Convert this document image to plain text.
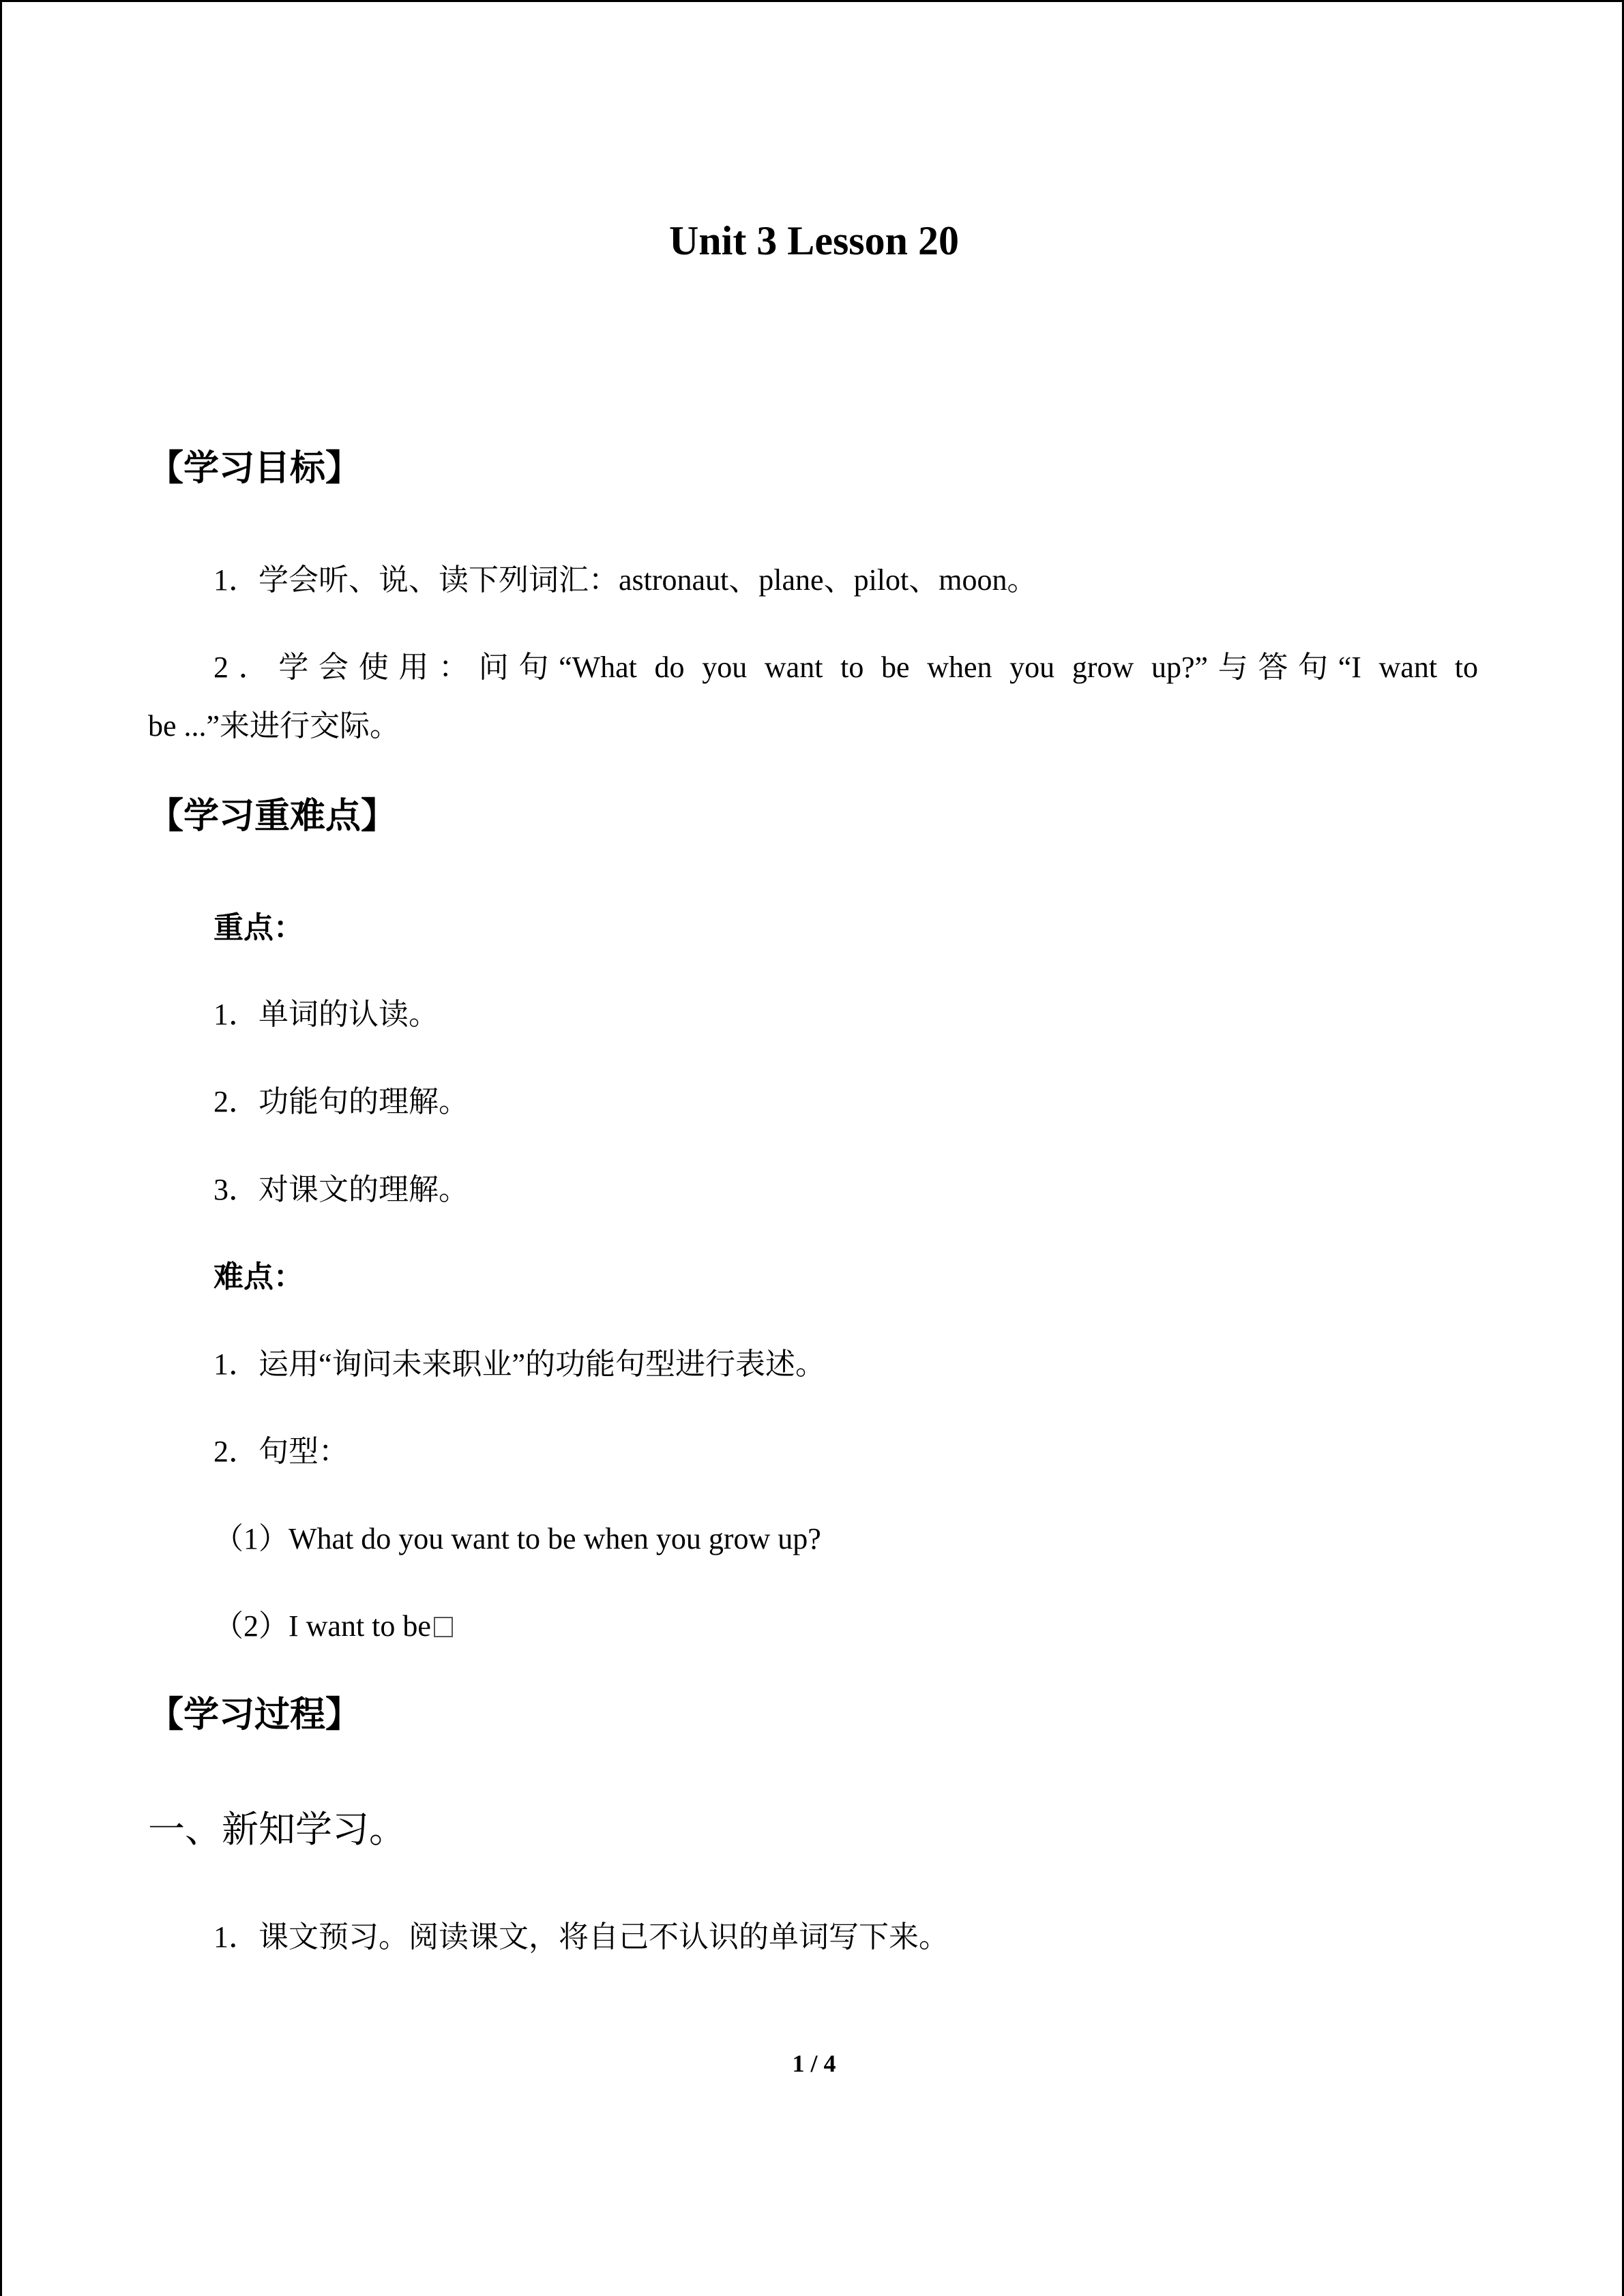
Unit 3 Lesson 20
【学习目标】
1．学会听、说、读下列词汇：astronaut、plane、pilot、moon。
2．学会使用：问句“What do you want to be when you grow up?”与答句“I want to
be ...”来进行交际。
【学习重难点】
重点：
1．单词的认读。
2．功能句的理解。
3．对课文的理解。
难点：
1．运用“询问未来职业”的功能句型进行表述。
2．句型：
（1）What do you want to be when you grow up?
（2）I want to be
【学习过程】
一、新知学习。
1．课文预习。阅读课文，将自己不认识的单词写下来。
1 / 4
